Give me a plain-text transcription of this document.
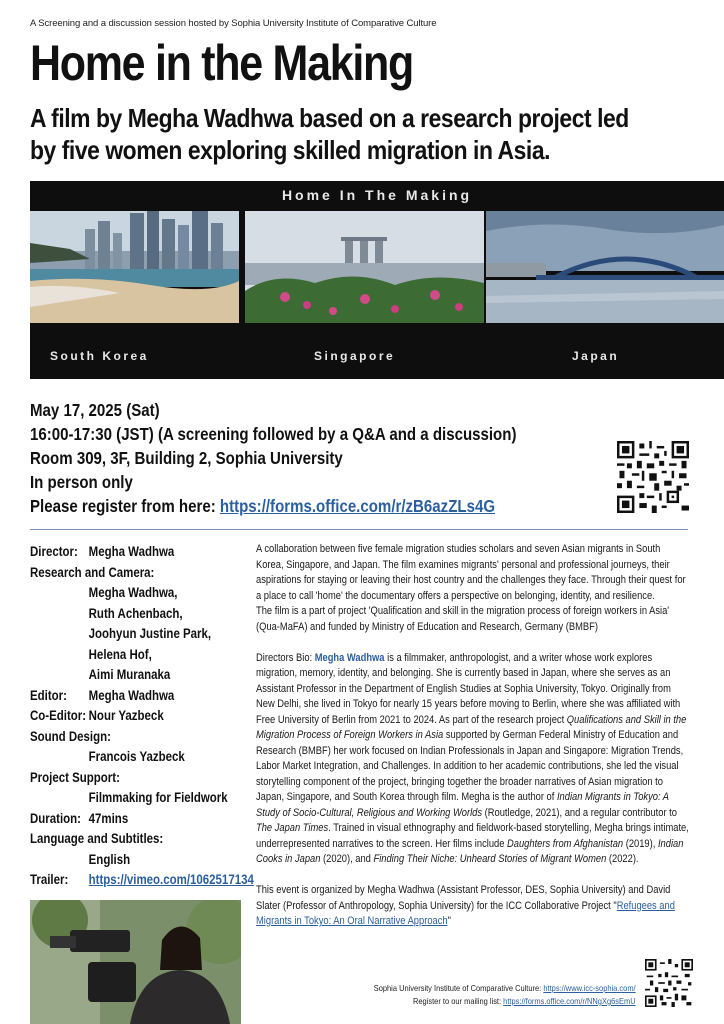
A Screening and a discussion session hosted by Sophia University Institute of Comparative Culture
Home in the Making
A film by Megha Wadhwa based on a research project led by five women exploring skilled migration in Asia.
Home In The Making
South Korea	Singapore	Japan
May 17, 2025 (Sat)
16:00-17:30 (JST) (A screening followed by a Q&A and a discussion)
Room 309, 3F, Building 2, Sophia University
In person only
Please register from here: https://forms.office.com/r/zB6azZLs4G
Director: Megha Wadhwa
Research and Camera:
Megha Wadhwa,
Ruth Achenbach,
Joohyun Justine Park,
Helena Hof,
Aimi Muranaka
Editor: Megha Wadhwa
Co-Editor: Nour Yazbeck
Sound Design:
Francois Yazbeck
Project Support:
Filmmaking for Fieldwork
Duration: 47mins
Language and Subtitles:
English
Trailer: https://vimeo.com/1062517134

A collaboration between five female migration studies scholars and seven Asian migrants in South Korea, Singapore, and Japan. The film examines migrants' personal and professional journeys, their aspirations for staying or leaving their host country and the challenges they face. Through their quest for a place to call 'home' the documentary offers a perspective on belonging, identity, and resilience.

The film is a part of project 'Qualification and skill in the migration process of foreign workers in Asia' (Qua-MaFA) and funded by Ministry of Education and Research, Germany (BMBF)

Directors Bio: Megha Wadhwa is a filmmaker, anthropologist, and a writer whose work explores migration, memory, identity, and belonging. She is currently based in Japan, where she serves as an Assistant Professor in the Department of English Studies at Sophia University, Tokyo. Originally from New Delhi, she lived in Tokyo for nearly 15 years before moving to Berlin, where she was affiliated with Free University of Berlin from 2021 to 2024. As part of the research project Qualifications and Skill in the Migration Process of Foreign Workers in Asia supported by German Federal Ministry of Education and Research (BMBF) her work focused on Indian Professionals in Japan and Singapore: Migration Trends, Labor Market Integration, and Challenges. In addition to her academic contributions, she led the visual storytelling component of the project, bringing together the broader narratives of Asian migration to Japan, Singapore, and South Korea through film. Megha is the author of Indian Migrants in Tokyo: A Study of Socio-Cultural, Religious and Working Worlds (Routledge, 2021), and a regular contributor to The Japan Times. Trained in visual ethnography and fieldwork-based storytelling, Megha brings intimate, underrepresented narratives to the screen. Her films include Daughters from Afghanistan (2019), Indian Cooks in Japan (2020), and Finding Their Niche: Unheard Stories of Migrant Women (2022).

This event is organized by Megha Wadhwa (Assistant Professor, DES, Sophia University) and David Slater (Professor of Anthropology, Sophia University) for the ICC Collaborative Project "Refugees and Migrants in Tokyo: An Oral Narrative Approach"

Sophia University Institute of Comparative Culture: https://www.icc-sophia.com/
Register to our mailing list: https://forms.office.com/r/NNgXg6sEmU
